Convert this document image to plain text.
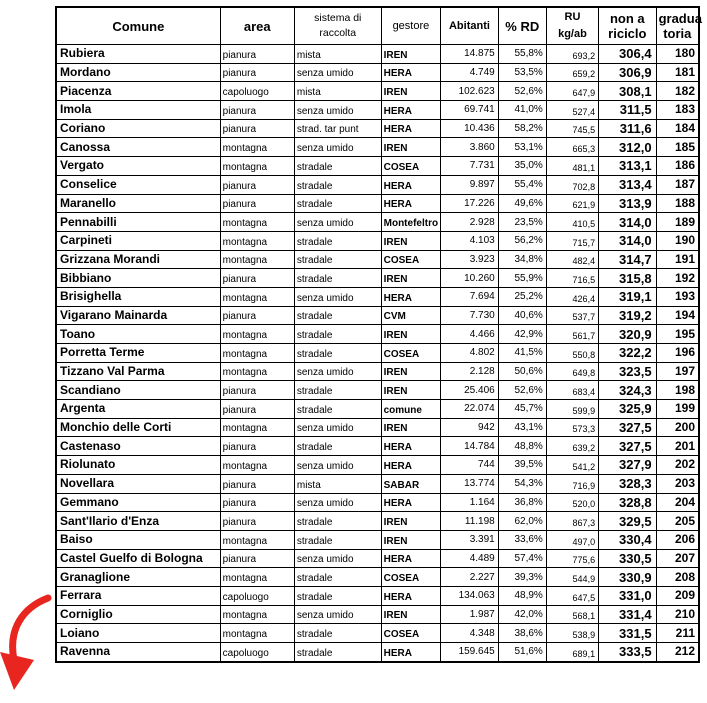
Comune	area	sistema di raccolta	gestore	Abitanti	% RD	RU kg/ab	non a riciclo	gradua toria
Rubiera	pianura	mista	IREN	14.875	55,8%	693,2	306,4	180
Mordano	pianura	senza umido	HERA	4.749	53,5%	659,2	306,9	181
Piacenza	capoluogo	mista	IREN	102.623	52,6%	647,9	308,1	182
Imola	pianura	senza umido	HERA	69.741	41,0%	527,4	311,5	183
Coriano	pianura	strad. tar punt	HERA	10.436	58,2%	745,5	311,6	184
Canossa	montagna	senza umido	IREN	3.860	53,1%	665,3	312,0	185
Vergato	montagna	stradale	COSEA	7.731	35,0%	481,1	313,1	186
Conselice	pianura	stradale	HERA	9.897	55,4%	702,8	313,4	187
Maranello	pianura	stradale	HERA	17.226	49,6%	621,9	313,9	188
Pennabilli	montagna	senza umido	Montefeltro	2.928	23,5%	410,5	314,0	189
Carpineti	montagna	stradale	IREN	4.103	56,2%	715,7	314,0	190
Grizzana Morandi	montagna	stradale	COSEA	3.923	34,8%	482,4	314,7	191
Bibbiano	pianura	stradale	IREN	10.260	55,9%	716,5	315,8	192
Brisighella	montagna	senza umido	HERA	7.694	25,2%	426,4	319,1	193
Vigarano Mainarda	pianura	stradale	CVM	7.730	40,6%	537,7	319,2	194
Toano	montagna	stradale	IREN	4.466	42,9%	561,7	320,9	195
Porretta Terme	montagna	stradale	COSEA	4.802	41,5%	550,8	322,2	196
Tizzano Val Parma	montagna	senza umido	IREN	2.128	50,6%	649,8	323,5	197
Scandiano	pianura	stradale	IREN	25.406	52,6%	683,4	324,3	198
Argenta	pianura	stradale	comune	22.074	45,7%	599,9	325,9	199
Monchio delle Corti	montagna	senza umido	IREN	942	43,1%	573,3	327,5	200
Castenaso	pianura	stradale	HERA	14.784	48,8%	639,2	327,5	201
Riolunato	montagna	senza umido	HERA	744	39,5%	541,2	327,9	202
Novellara	pianura	mista	SABAR	13.774	54,3%	716,9	328,3	203
Gemmano	pianura	senza umido	HERA	1.164	36,8%	520,0	328,8	204
Sant'Ilario d'Enza	pianura	stradale	IREN	11.198	62,0%	867,3	329,5	205
Baiso	montagna	stradale	IREN	3.391	33,6%	497,0	330,4	206
Castel Guelfo di Bologna	pianura	senza umido	HERA	4.489	57,4%	775,6	330,5	207
Granaglione	montagna	stradale	COSEA	2.227	39,3%	544,9	330,9	208
Ferrara	capoluogo	stradale	HERA	134.063	48,9%	647,5	331,0	209
Corniglio	montagna	senza umido	IREN	1.987	42,0%	568,1	331,4	210
Loiano	montagna	stradale	COSEA	4.348	38,6%	538,9	331,5	211
Ravenna	capoluogo	stradale	HERA	159.645	51,6%	689,1	333,5	212
